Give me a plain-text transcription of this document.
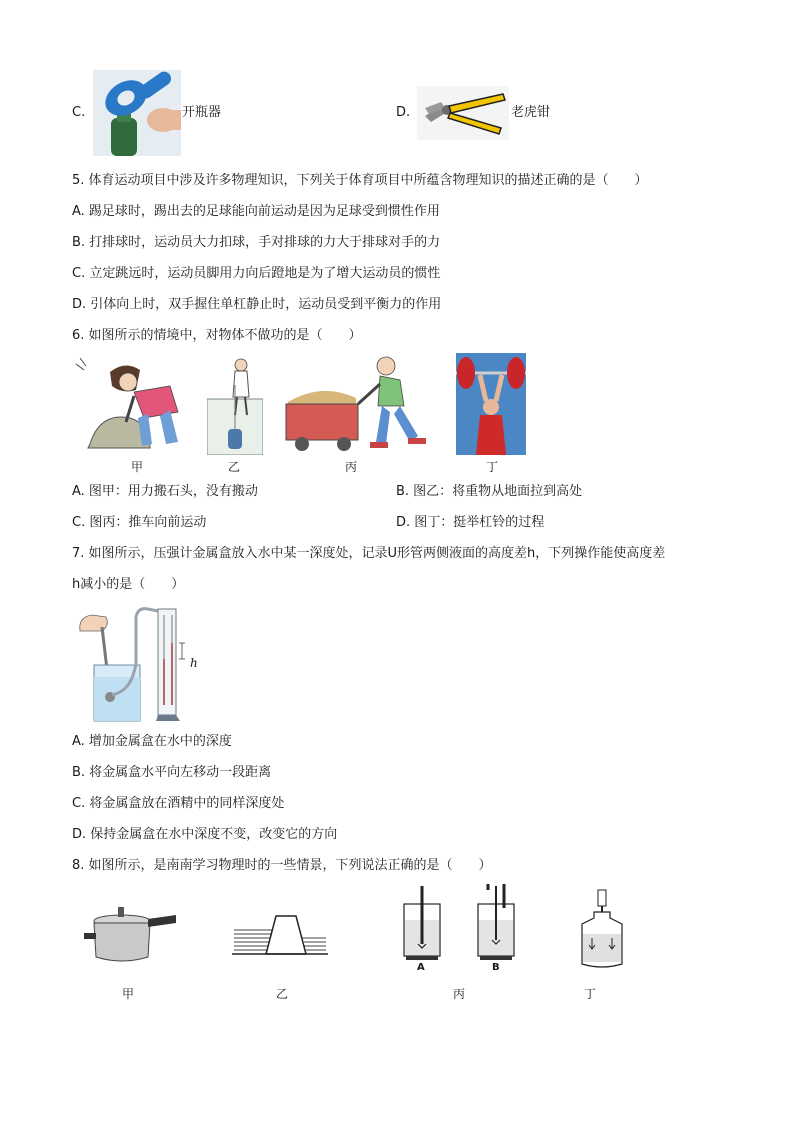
C.	开瓶器	D.	老虎钳
5. 体育运动项目中涉及许多物理知识，下列关于体育项目中所蕴含物理知识的描述正确的是（　　）
A. 踢足球时，踢出去的足球能向前运动是因为足球受到惯性作用
B. 打排球时，运动员大力扣球，手对排球的力大于排球对手的力
C. 立定跳远时，运动员脚用力向后蹬地是为了增大运动员的惯性
D. 引体向上时，双手握住单杠静止时，运动员受到平衡力的作用
6. 如图所示的情境中，对物体不做功的是（　　）
甲	乙	丙	丁
A. 图甲：用力搬石头，没有搬动	B. 图乙：将重物从地面拉到高处
C. 图丙：推车向前运动	D. 图丁：挺举杠铃的过程
7. 如图所示，压强计金属盒放入水中某一深度处，记录U形管两侧液面的高度差h，下列操作能使高度差
h减小的是（　　）
h
A. 增加金属盒在水中的深度
B. 将金属盒水平向左移动一段距离
C. 将金属盒放在酒精中的同样深度处
D. 保持金属盒在水中深度不变，改变它的方向
8. 如图所示，是南南学习物理时的一些情景，下列说法正确的是（　　）
甲	乙
A	B
丙	丁
